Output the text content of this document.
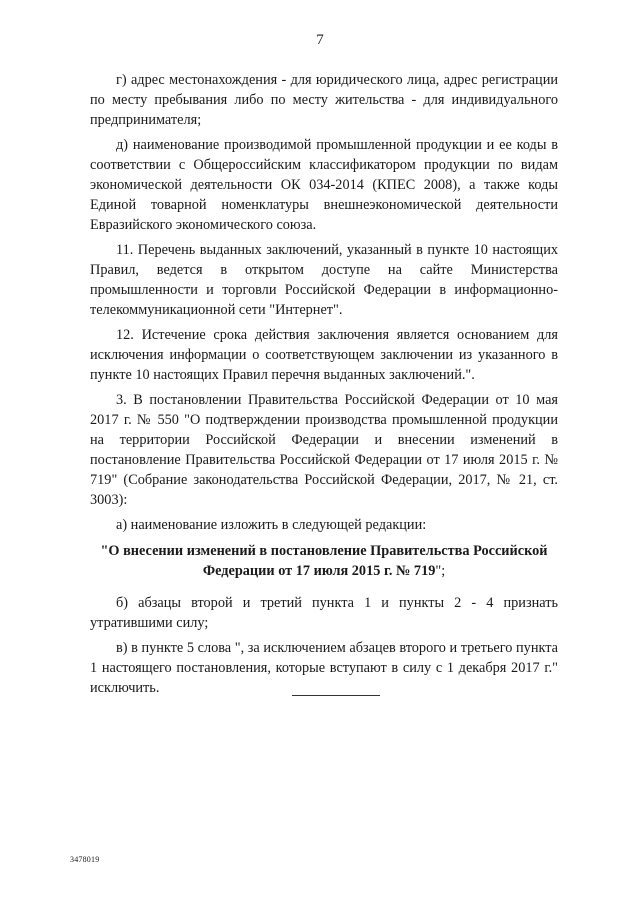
7

г) адрес местонахождения - для юридического лица, адрес регистрации по месту пребывания либо по месту жительства - для индивидуального предпринимателя;

д) наименование производимой промышленной продукции и ее коды в соответствии с Общероссийским классификатором продукции по видам экономической деятельности ОК 034-2014 (КПЕС 2008), а также коды Единой товарной номенклатуры внешнеэкономической деятельности Евразийского экономического союза.

11. Перечень выданных заключений, указанный в пункте 10 настоящих Правил, ведется в открытом доступе на сайте Министерства промышленности и торговли Российской Федерации в информационно-телекоммуникационной сети "Интернет".

12. Истечение срока действия заключения является основанием для исключения информации о соответствующем заключении из указанного в пункте 10 настоящих Правил перечня выданных заключений.".

3. В постановлении Правительства Российской Федерации от 10 мая 2017 г. № 550 "О подтверждении производства промышленной продукции на территории Российской Федерации и внесении изменений в постановление Правительства Российской Федерации от 17 июля 2015 г. № 719" (Собрание законодательства Российской Федерации, 2017, № 21, ст. 3003):

а) наименование изложить в следующей редакции:

"О внесении изменений в постановление Правительства Российской Федерации от 17 июля 2015 г. № 719";

б) абзацы второй и третий пункта 1 и пункты 2 - 4 признать утратившими силу;

в) в пункте 5 слова ", за исключением абзацев второго и третьего пункта 1 настоящего постановления, которые вступают в силу с 1 декабря 2017 г." исключить.

3478019
